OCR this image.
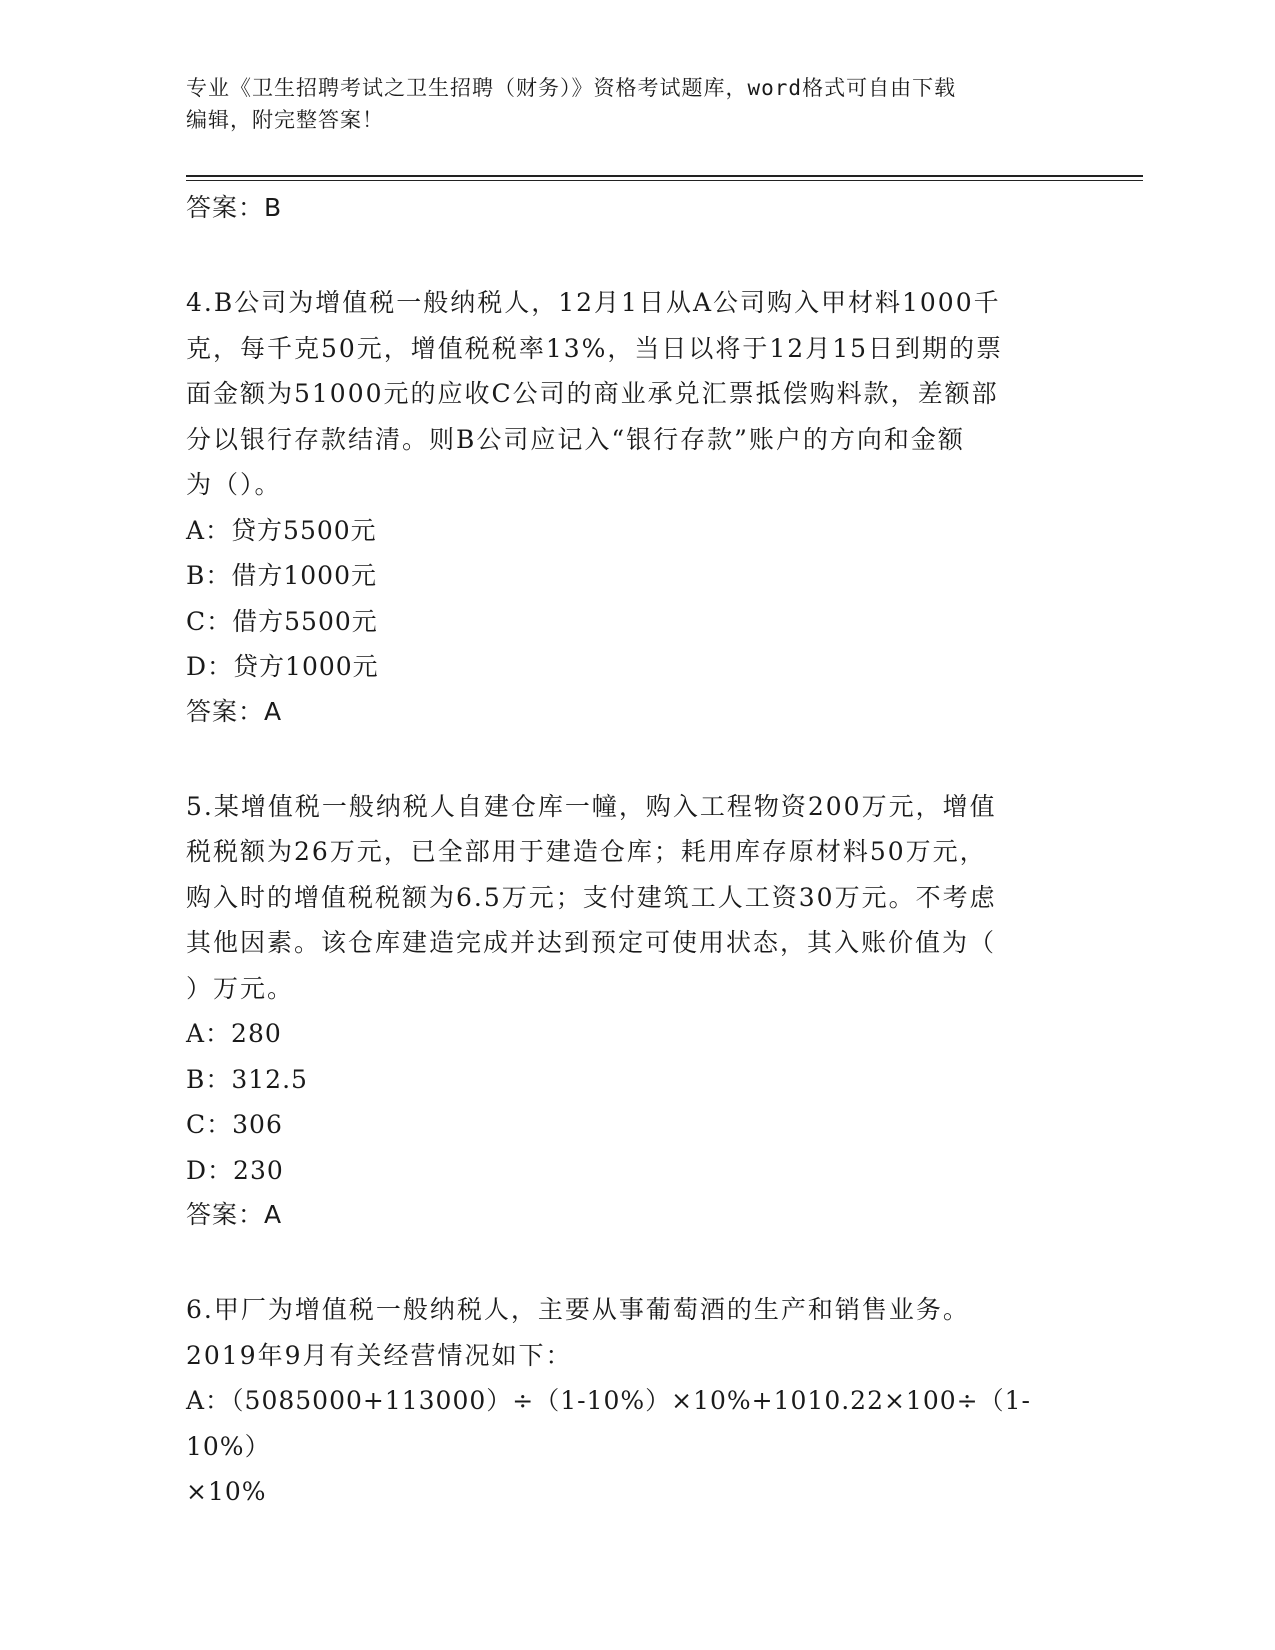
专业《卫生招聘考试之卫生招聘（财务）》资格考试题库，word格式可自由下载
编辑，附完整答案！

答案：B

4.B公司为增值税一般纳税人，12月1日从A公司购入甲材料1000千

克，每千克50元，增值税税率13%，当日以将于12月15日到期的票

面金额为51000元的应收C公司的商业承兑汇票抵偿购料款，差额部

分以银行存款结清。则B公司应记入“银行存款”账户的方向和金额

为（）。

A：贷方5500元

B：借方1000元

C：借方5500元

D：贷方1000元

答案：A

5.某增值税一般纳税人自建仓库一幢，购入工程物资200万元，增值

税税额为26万元，已全部用于建造仓库；耗用库存原材料50万元，

购入时的增值税税额为6.5万元；支付建筑工人工资30万元。不考虑

其他因素。该仓库建造完成并达到预定可使用状态，其入账价值为（

）万元。

A：280

B：312.5

C：306

D：230

答案：A

6.甲厂为增值税一般纳税人，主要从事葡萄酒的生产和销售业务。

2019年9月有关经营情况如下：

A：（5085000+113000）÷（1-10%）×10%+1010.22×100÷（1-10%）

×10%
